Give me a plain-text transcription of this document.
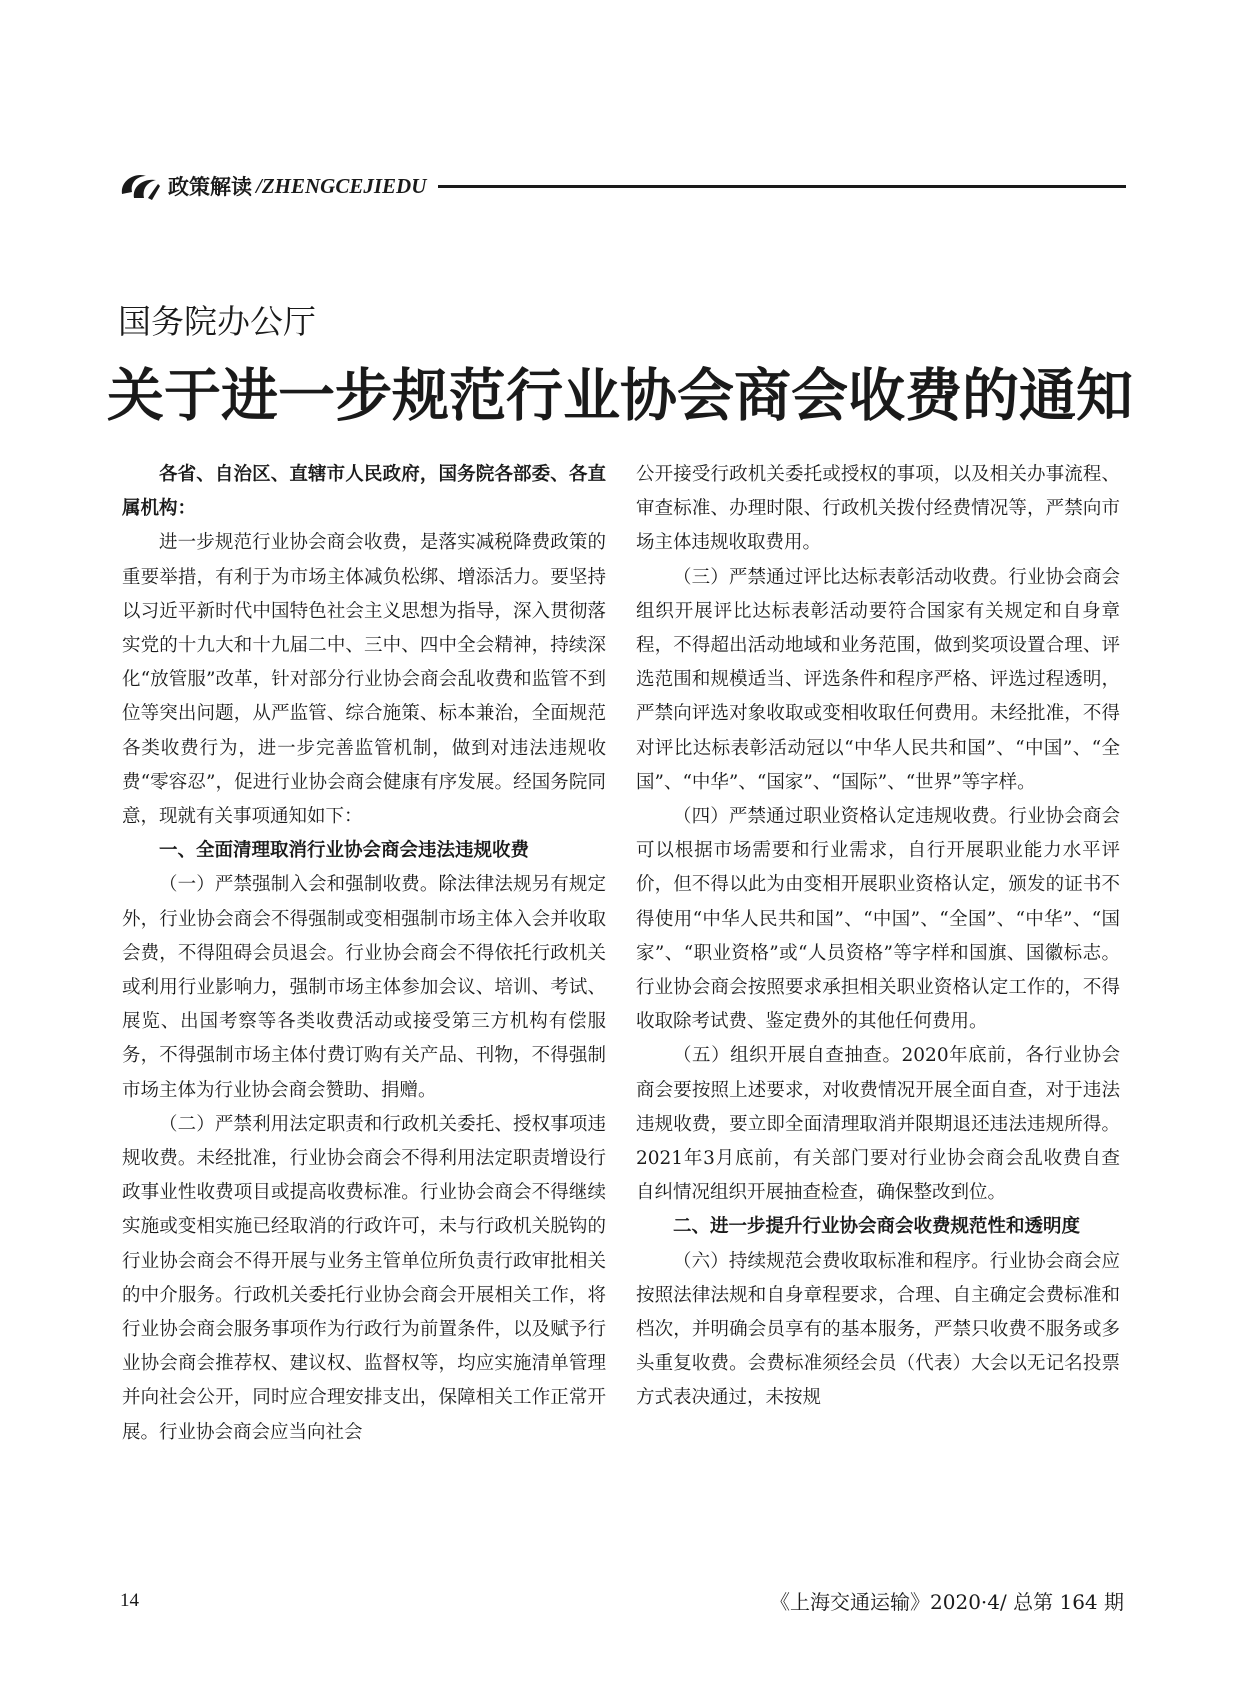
政策解读 /ZHENGCEJIEDU
国务院办公厅
关于进一步规范行业协会商会收费的通知

各省、自治区、直辖市人民政府，国务院各部委、各直属机构：

进一步规范行业协会商会收费，是落实减税降费政策的重要举措，有利于为市场主体减负松绑、增添活力。要坚持以习近平新时代中国特色社会主义思想为指导，深入贯彻落实党的十九大和十九届二中、三中、四中全会精神，持续深化“放管服”改革，针对部分行业协会商会乱收费和监管不到位等突出问题，从严监管、综合施策、标本兼治，全面规范各类收费行为，进一步完善监管机制，做到对违法违规收费“零容忍”，促进行业协会商会健康有序发展。经国务院同意，现就有关事项通知如下：

一、全面清理取消行业协会商会违法违规收费

（一）严禁强制入会和强制收费。除法律法规另有规定外，行业协会商会不得强制或变相强制市场主体入会并收取会费，不得阻碍会员退会。行业协会商会不得依托行政机关或利用行业影响力，强制市场主体参加会议、培训、考试、展览、出国考察等各类收费活动或接受第三方机构有偿服务，不得强制市场主体付费订购有关产品、刊物，不得强制市场主体为行业协会商会赞助、捐赠。

（二）严禁利用法定职责和行政机关委托、授权事项违规收费。未经批准，行业协会商会不得利用法定职责增设行政事业性收费项目或提高收费标准。行业协会商会不得继续实施或变相实施已经取消的行政许可，未与行政机关脱钩的行业协会商会不得开展与业务主管单位所负责行政审批相关的中介服务。行政机关委托行业协会商会开展相关工作，将行业协会商会服务事项作为行政行为前置条件，以及赋予行业协会商会推荐权、建议权、监督权等，均应实施清单管理并向社会公开，同时应合理安排支出，保障相关工作正常开展。行业协会商会应当向社会

公开接受行政机关委托或授权的事项，以及相关办事流程、审查标准、办理时限、行政机关拨付经费情况等，严禁向市场主体违规收取费用。

（三）严禁通过评比达标表彰活动收费。行业协会商会组织开展评比达标表彰活动要符合国家有关规定和自身章程，不得超出活动地域和业务范围，做到奖项设置合理、评选范围和规模适当、评选条件和程序严格、评选过程透明，严禁向评选对象收取或变相收取任何费用。未经批准，不得对评比达标表彰活动冠以“中华人民共和国”、“中国”、“全国”、“中华”、“国家”、“国际”、“世界”等字样。

（四）严禁通过职业资格认定违规收费。行业协会商会可以根据市场需要和行业需求，自行开展职业能力水平评价，但不得以此为由变相开展职业资格认定，颁发的证书不得使用“中华人民共和国”、“中国”、“全国”、“中华”、“国家”、“职业资格”或“人员资格”等字样和国旗、国徽标志。行业协会商会按照要求承担相关职业资格认定工作的，不得收取除考试费、鉴定费外的其他任何费用。

（五）组织开展自查抽查。2020年底前，各行业协会商会要按照上述要求，对收费情况开展全面自查，对于违法违规收费，要立即全面清理取消并限期退还违法违规所得。2021年3月底前，有关部门要对行业协会商会乱收费自查自纠情况组织开展抽查检查，确保整改到位。

二、进一步提升行业协会商会收费规范性和透明度

（六）持续规范会费收取标准和程序。行业协会商会应按照法律法规和自身章程要求，合理、自主确定会费标准和档次，并明确会员享有的基本服务，严禁只收费不服务或多头重复收费。会费标准须经会员（代表）大会以无记名投票方式表决通过，未按规

14	《上海交通运输》2020·4/ 总第 164 期
